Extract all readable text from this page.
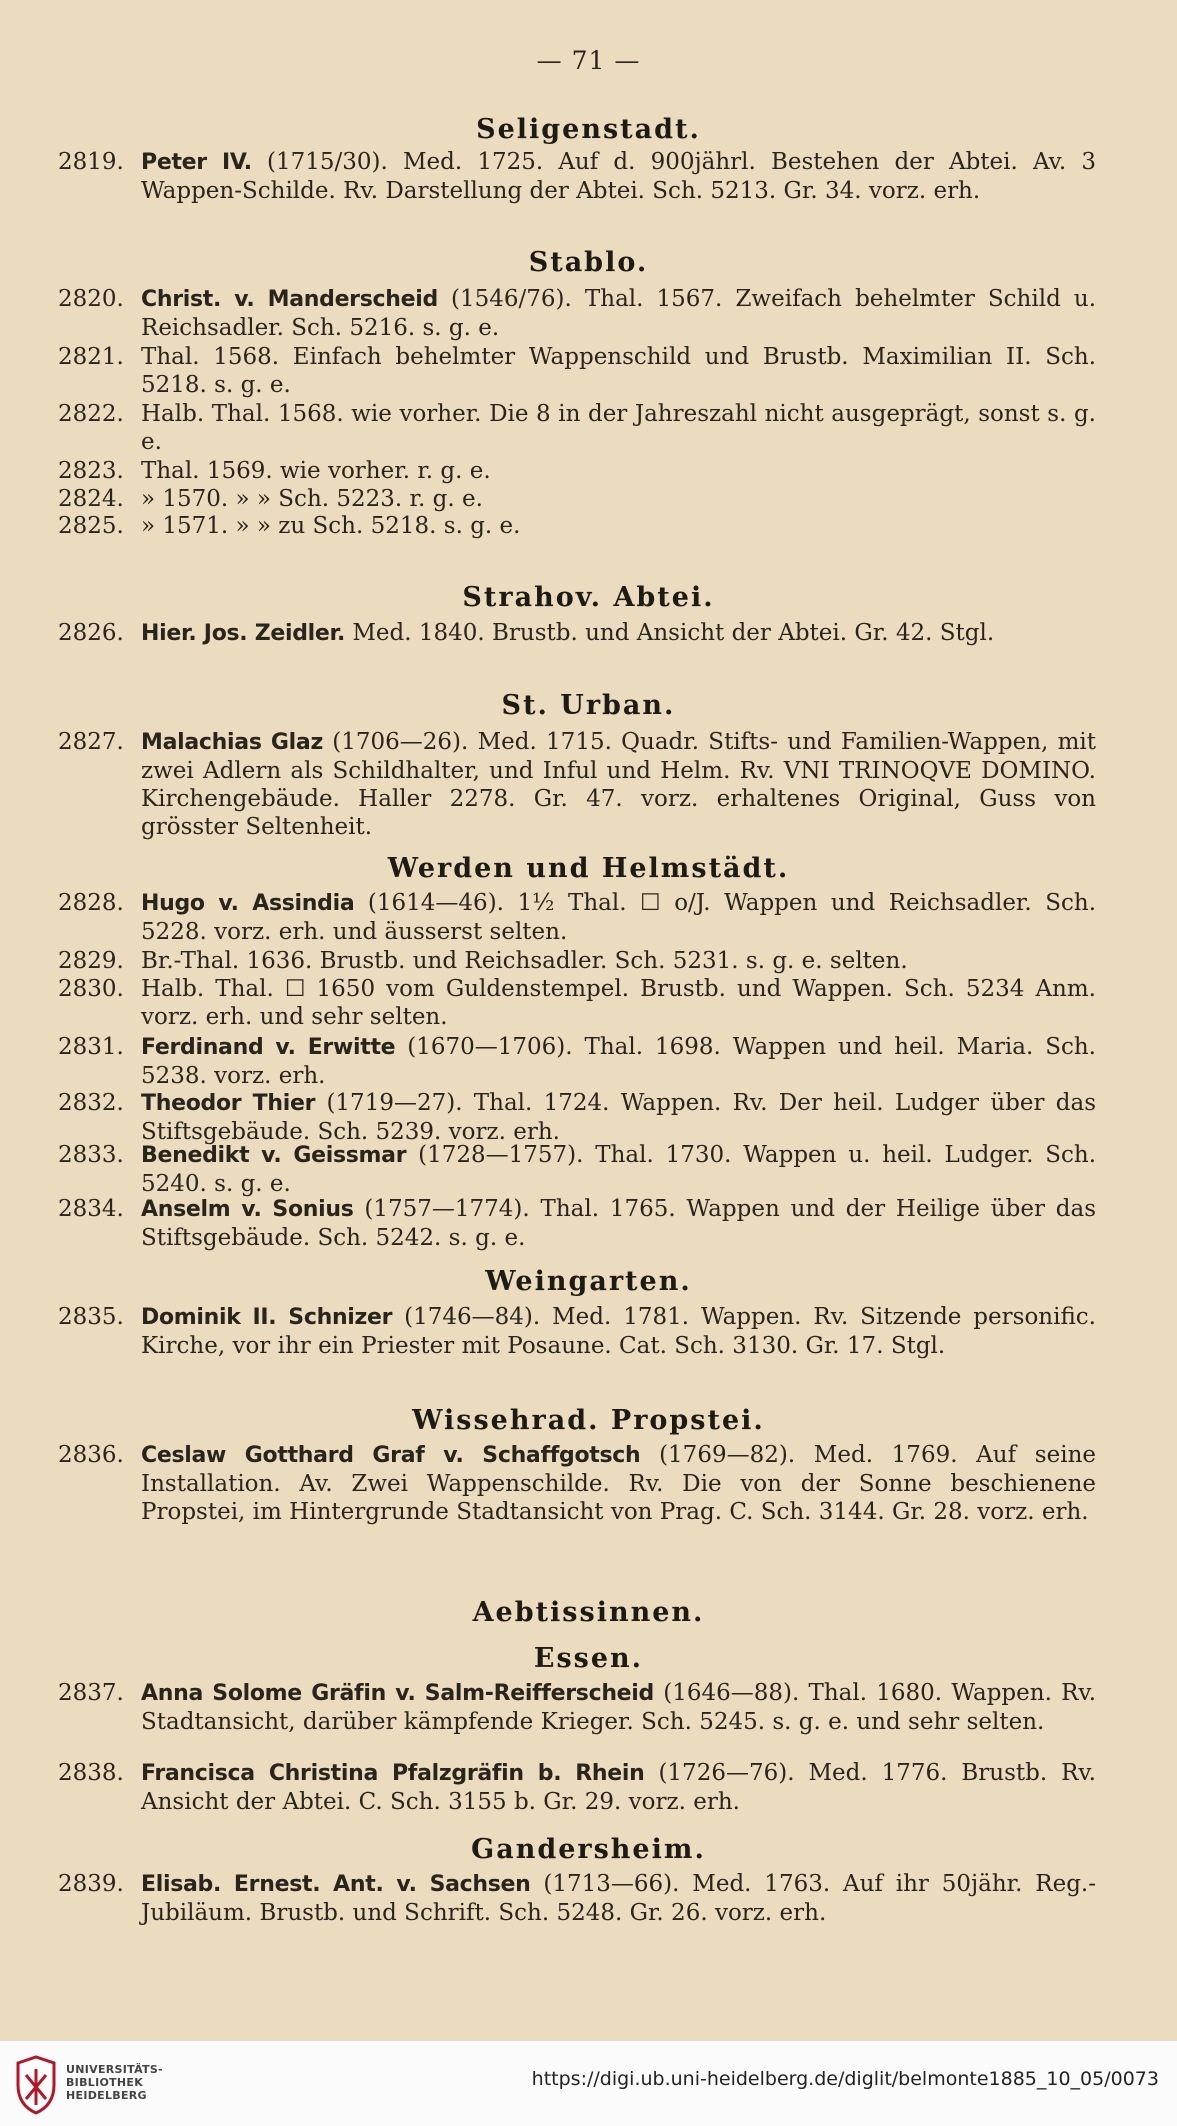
— 71 —
Seligenstadt.
2819. Peter IV. (1715/30). Med. 1725. Auf d. 900jährl. Bestehen der Abtei. Av. 3 Wappen-Schilde. Rv. Darstellung der Abtei. Sch. 5213. Gr. 34. vorz. erh.
Stablo.
2820. Christ. v. Manderscheid (1546/76). Thal. 1567. Zweifach behelmter Schild u. Reichsadler. Sch. 5216. s. g. e.
2821. Thal. 1568. Einfach behelmter Wappenschild und Brustb. Maximilian II. Sch. 5218. s. g. e.
2822. Halb. Thal. 1568. wie vorher. Die 8 in der Jahreszahl nicht ausgeprägt, sonst s. g. e.
2823. Thal. 1569. wie vorher. r. g. e.
2824. » 1570. » » Sch. 5223. r. g. e.
2825. » 1571. » » zu Sch. 5218. s. g. e.
Strahov. Abtei.
2826. Hier. Jos. Zeidler. Med. 1840. Brustb. und Ansicht der Abtei. Gr. 42. Stgl.
St. Urban.
2827. Malachias Glaz (1706—26). Med. 1715. Quadr. Stifts- und Familien-Wappen, mit zwei Adlern als Schildhalter, und Inful und Helm. Rv. VNI TRINOQVE DOMINO. Kirchengebäude. Haller 2278. Gr. 47. vorz. erhaltenes Original, Guss von grösster Seltenheit.
Werden und Helmstädt.
2828. Hugo v. Assindia (1614—46). 1½ Thal. ☐ o/J. Wappen und Reichsadler. Sch. 5228. vorz. erh. und äusserst selten.
2829. Br.-Thal. 1636. Brustb. und Reichsadler. Sch. 5231. s. g. e. selten.
2830. Halb. Thal. ☐ 1650 vom Guldenstempel. Brustb. und Wappen. Sch. 5234 Anm. vorz. erh. und sehr selten.
2831. Ferdinand v. Erwitte (1670—1706). Thal. 1698. Wappen und heil. Maria. Sch. 5238. vorz. erh.
2832. Theodor Thier (1719—27). Thal. 1724. Wappen. Rv. Der heil. Ludger über das Stiftsgebäude. Sch. 5239. vorz. erh.
2833. Benedikt v. Geissmar (1728—1757). Thal. 1730. Wappen u. heil. Ludger. Sch. 5240. s. g. e.
2834. Anselm v. Sonius (1757—1774). Thal. 1765. Wappen und der Heilige über das Stiftsgebäude. Sch. 5242. s. g. e.
Weingarten.
2835. Dominik II. Schnizer (1746—84). Med. 1781. Wappen. Rv. Sitzende personific. Kirche, vor ihr ein Priester mit Posaune. Cat. Sch. 3130. Gr. 17. Stgl.
Wissehrad. Propstei.
2836. Ceslaw Gotthard Graf v. Schaffgotsch (1769—82). Med. 1769. Auf seine Installation. Av. Zwei Wappenschilde. Rv. Die von der Sonne beschienene Propstei, im Hintergrunde Stadtansicht von Prag. C. Sch. 3144. Gr. 28. vorz. erh.
Aebtissinnen.
Essen.
2837. Anna Solome Gräfin v. Salm-Reifferscheid (1646—88). Thal. 1680. Wappen. Rv. Stadtansicht, darüber kämpfende Krieger. Sch. 5245. s. g. e. und sehr selten.
2838. Francisca Christina Pfalzgräfin b. Rhein (1726—76). Med. 1776. Brustb. Rv. Ansicht der Abtei. C. Sch. 3155 b. Gr. 29. vorz. erh.
Gandersheim.
2839. Elisab. Ernest. Ant. v. Sachsen (1713—66). Med. 1763. Auf ihr 50jähr. Reg.-Jubiläum. Brustb. und Schrift. Sch. 5248. Gr. 26. vorz. erh.
UNIVERSITÄTS-
BIBLIOTHEK
HEIDELBERG
https://digi.ub.uni-heidelberg.de/diglit/belmonte1885_10_05/0073
